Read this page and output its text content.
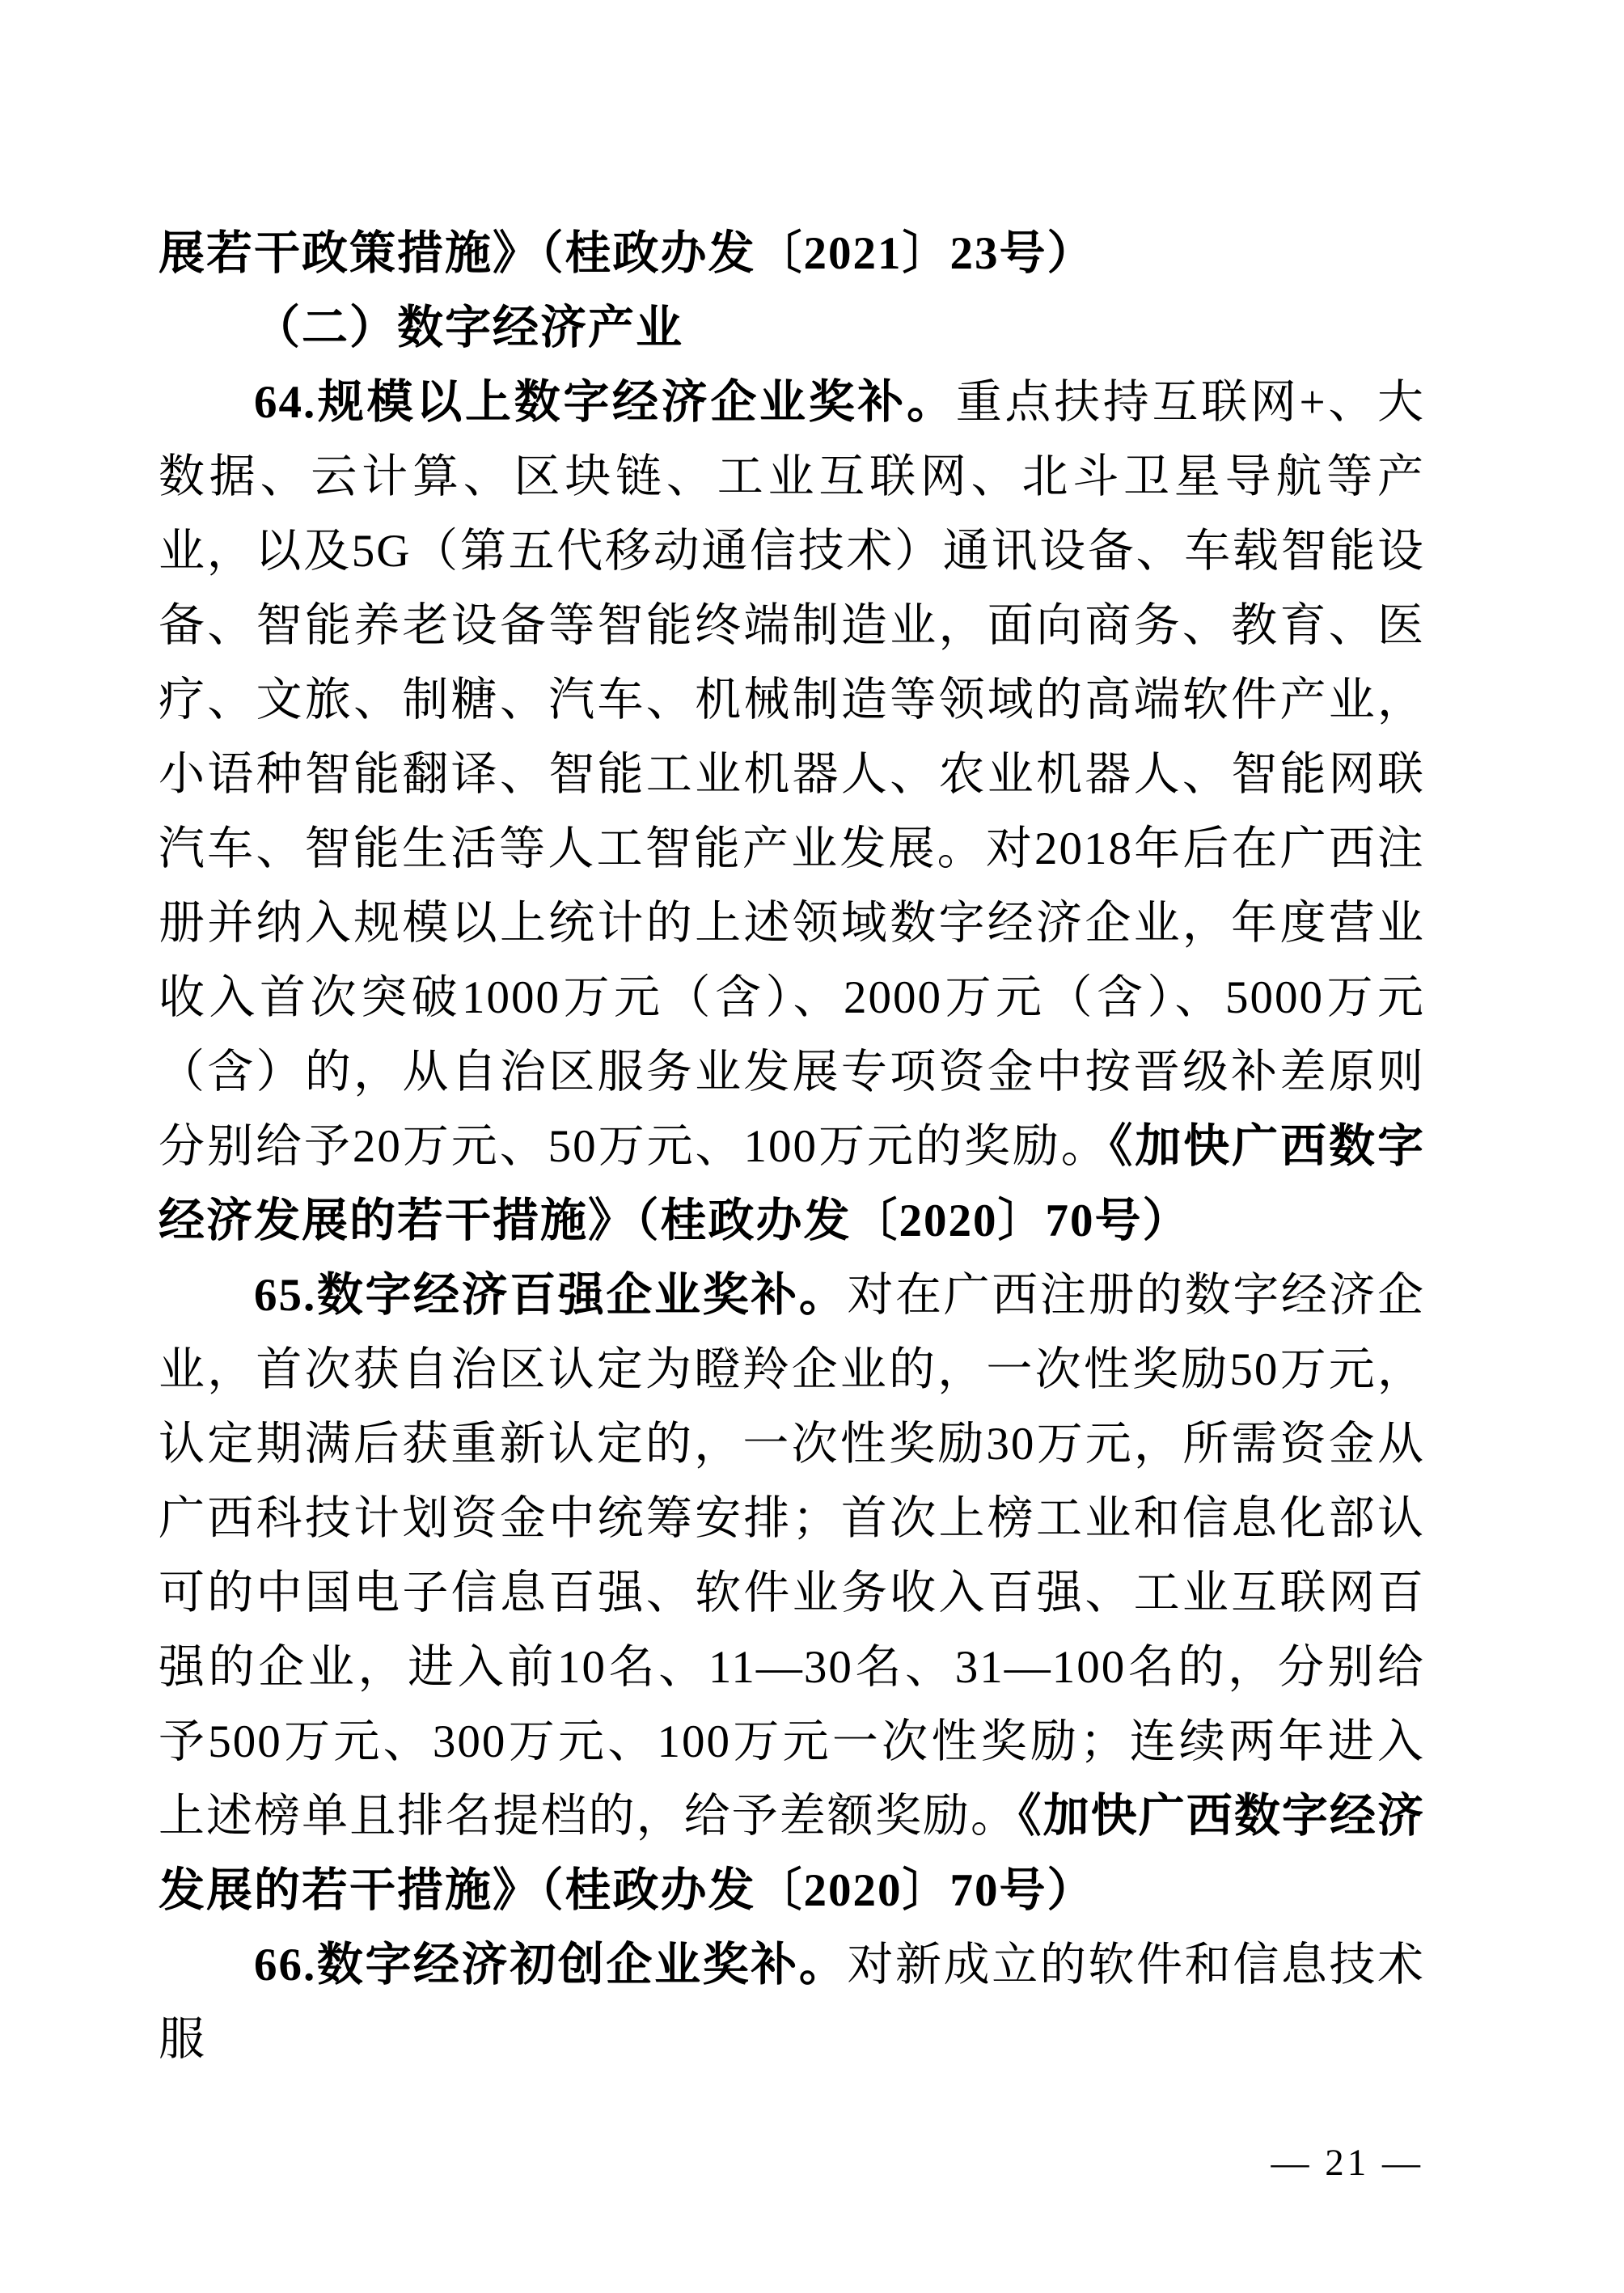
展若干政策措施》（桂政办发〔2021〕23号）

（二）数字经济产业

64.规模以上数字经济企业奖补。重点扶持互联网+、大数据、云计算、区块链、工业互联网、北斗卫星导航等产业，以及5G（第五代移动通信技术）通讯设备、车载智能设备、智能养老设备等智能终端制造业，面向商务、教育、医疗、文旅、制糖、汽车、机械制造等领域的高端软件产业，小语种智能翻译、智能工业机器人、农业机器人、智能网联汽车、智能生活等人工智能产业发展。对2018年后在广西注册并纳入规模以上统计的上述领域数字经济企业，年度营业收入首次突破1000万元（含）、2000万元（含）、5000万元（含）的，从自治区服务业发展专项资金中按晋级补差原则分别给予20万元、50万元、100万元的奖励。《加快广西数字经济发展的若干措施》（桂政办发〔2020〕70号）

65.数字经济百强企业奖补。对在广西注册的数字经济企业，首次获自治区认定为瞪羚企业的，一次性奖励50万元，认定期满后获重新认定的，一次性奖励30万元，所需资金从广西科技计划资金中统筹安排；首次上榜工业和信息化部认可的中国电子信息百强、软件业务收入百强、工业互联网百强的企业，进入前10名、11—30名、31—100名的，分别给予500万元、300万元、100万元一次性奖励；连续两年进入上述榜单且排名提档的，给予差额奖励。《加快广西数字经济发展的若干措施》（桂政办发〔2020〕70号）

66.数字经济初创企业奖补。对新成立的软件和信息技术服

— 21 —
